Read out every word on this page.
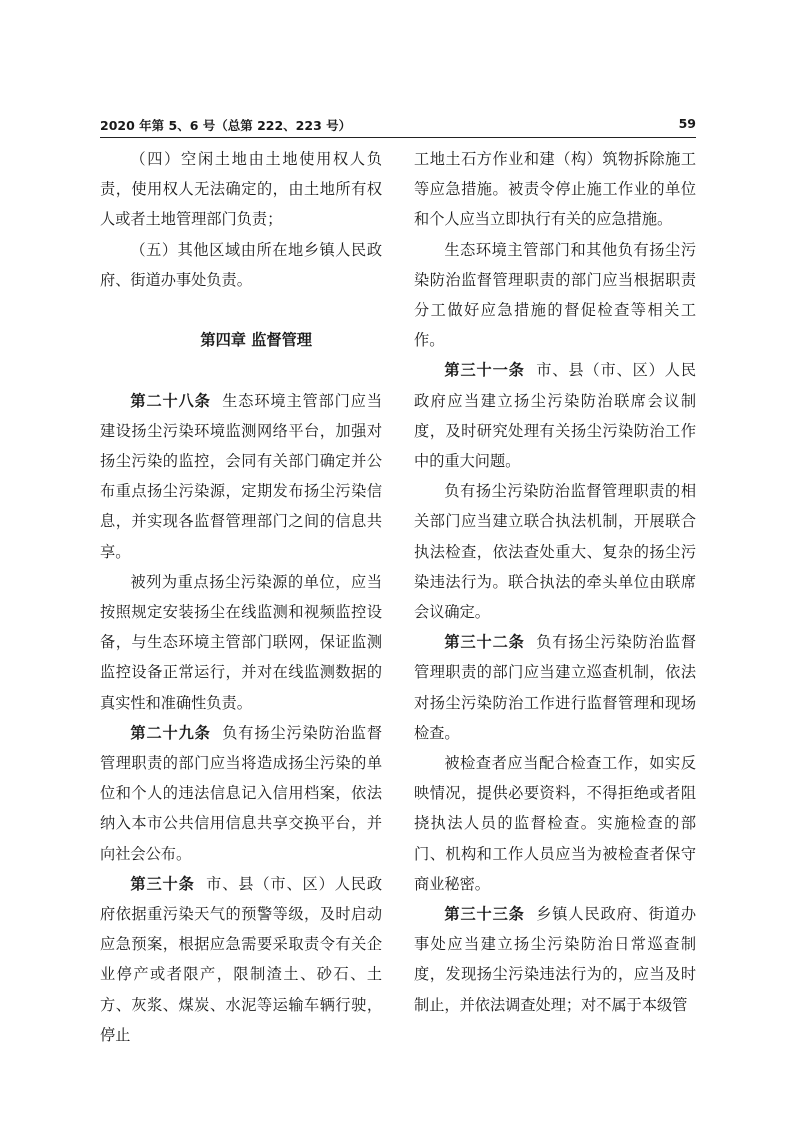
2020 年第 5、6 号（总第 222、223 号）	59

（四）空闲土地由土地使用权人负责，使用权人无法确定的，由土地所有权人或者土地管理部门负责；

（五）其他区域由所在地乡镇人民政府、街道办事处负责。

第四章 监督管理

第二十八条 生态环境主管部门应当建设扬尘污染环境监测网络平台，加强对扬尘污染的监控，会同有关部门确定并公布重点扬尘污染源，定期发布扬尘污染信息，并实现各监督管理部门之间的信息共享。

被列为重点扬尘污染源的单位，应当按照规定安装扬尘在线监测和视频监控设备，与生态环境主管部门联网，保证监测监控设备正常运行，并对在线监测数据的真实性和准确性负责。

第二十九条 负有扬尘污染防治监督管理职责的部门应当将造成扬尘污染的单位和个人的违法信息记入信用档案，依法纳入本市公共信用信息共享交换平台，并向社会公布。

第三十条 市、县（市、区）人民政府依据重污染天气的预警等级，及时启动应急预案，根据应急需要采取责令有关企业停产或者限产，限制渣土、砂石、土方、灰浆、煤炭、水泥等运输车辆行驶，停止

工地土石方作业和建（构）筑物拆除施工等应急措施。被责令停止施工作业的单位和个人应当立即执行有关的应急措施。

生态环境主管部门和其他负有扬尘污染防治监督管理职责的部门应当根据职责分工做好应急措施的督促检查等相关工作。

第三十一条 市、县（市、区）人民政府应当建立扬尘污染防治联席会议制度，及时研究处理有关扬尘污染防治工作中的重大问题。

负有扬尘污染防治监督管理职责的相关部门应当建立联合执法机制，开展联合执法检查，依法查处重大、复杂的扬尘污染违法行为。联合执法的牵头单位由联席会议确定。

第三十二条 负有扬尘污染防治监督管理职责的部门应当建立巡查机制，依法对扬尘污染防治工作进行监督管理和现场检查。

被检查者应当配合检查工作，如实反映情况，提供必要资料，不得拒绝或者阻挠执法人员的监督检查。实施检查的部门、机构和工作人员应当为被检查者保守商业秘密。

第三十三条 乡镇人民政府、街道办事处应当建立扬尘污染防治日常巡查制度，发现扬尘污染违法行为的，应当及时制止，并依法调查处理；对不属于本级管
